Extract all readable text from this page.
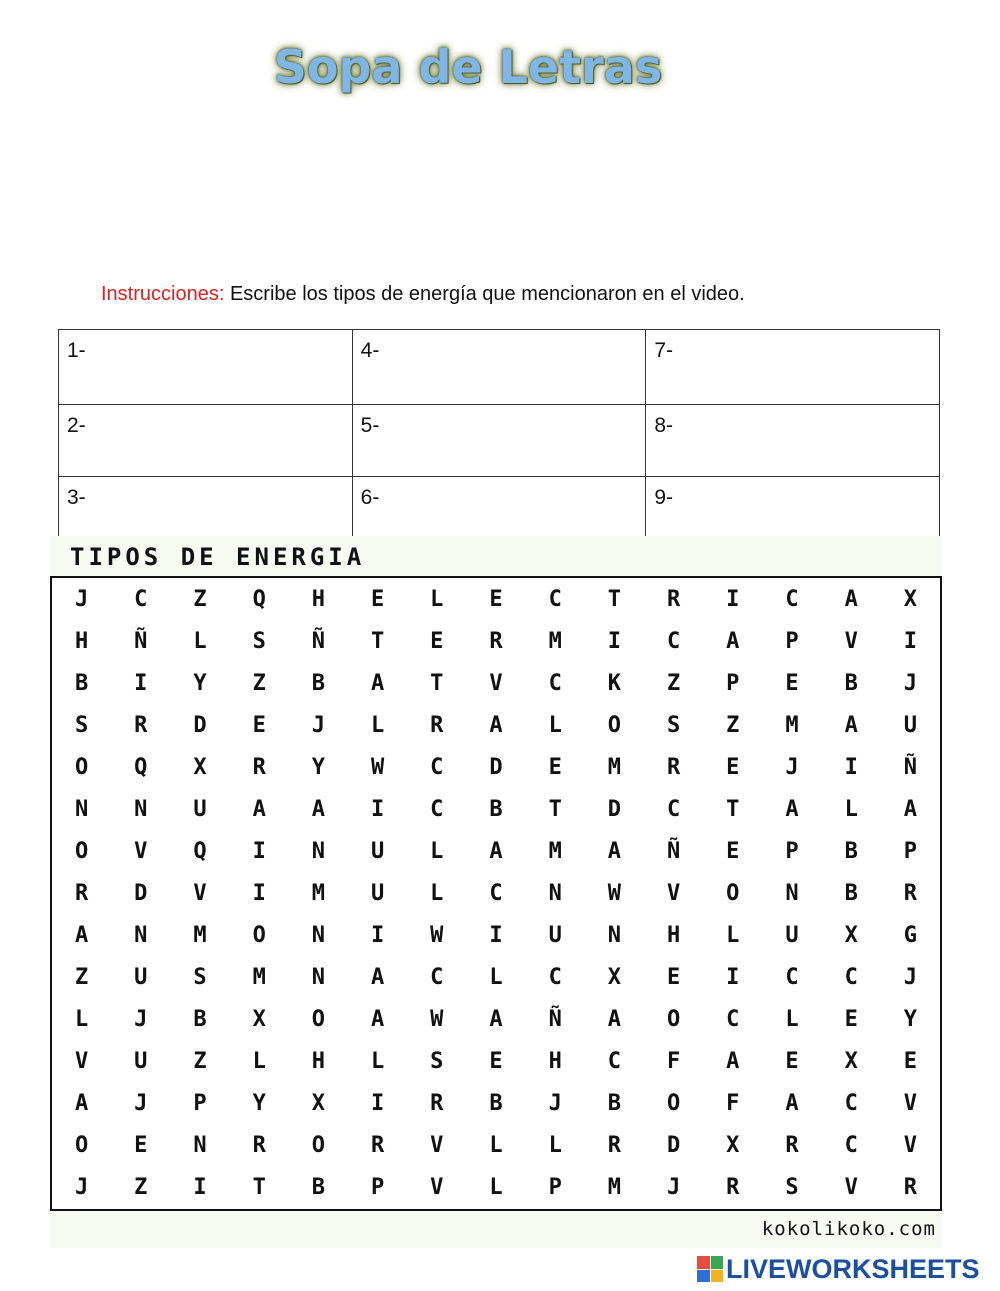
Sopa de Letras
Instrucciones: Escribe los tipos de energía que mencionaron en el video.
1-	4-	7-
2-	5-	8-
3-	6-	9-
TIPOS DE ENERGIA
J	C	Z	Q	H	E	L	E	C	T	R	I	C	A	X
H	Ñ	L	S	Ñ	T	E	R	M	I	C	A	P	V	I
B	I	Y	Z	B	A	T	V	C	K	Z	P	E	B	J
S	R	D	E	J	L	R	A	L	O	S	Z	M	A	U
O	Q	X	R	Y	W	C	D	E	M	R	E	J	I	Ñ
N	N	U	A	A	I	C	B	T	D	C	T	A	L	A
O	V	Q	I	N	U	L	A	M	A	Ñ	E	P	B	P
R	D	V	I	M	U	L	C	N	W	V	O	N	B	R
A	N	M	O	N	I	W	I	U	N	H	L	U	X	G
Z	U	S	M	N	A	C	L	C	X	E	I	C	C	J
L	J	B	X	O	A	W	A	Ñ	A	O	C	L	E	Y
V	U	Z	L	H	L	S	E	H	C	F	A	E	X	E
A	J	P	Y	X	I	R	B	J	B	O	F	A	C	V
O	E	N	R	O	R	V	L	L	R	D	X	R	C	V
J	Z	I	T	B	P	V	L	P	M	J	R	S	V	R
kokolikoko.com
LIVEWORKSHEETS
